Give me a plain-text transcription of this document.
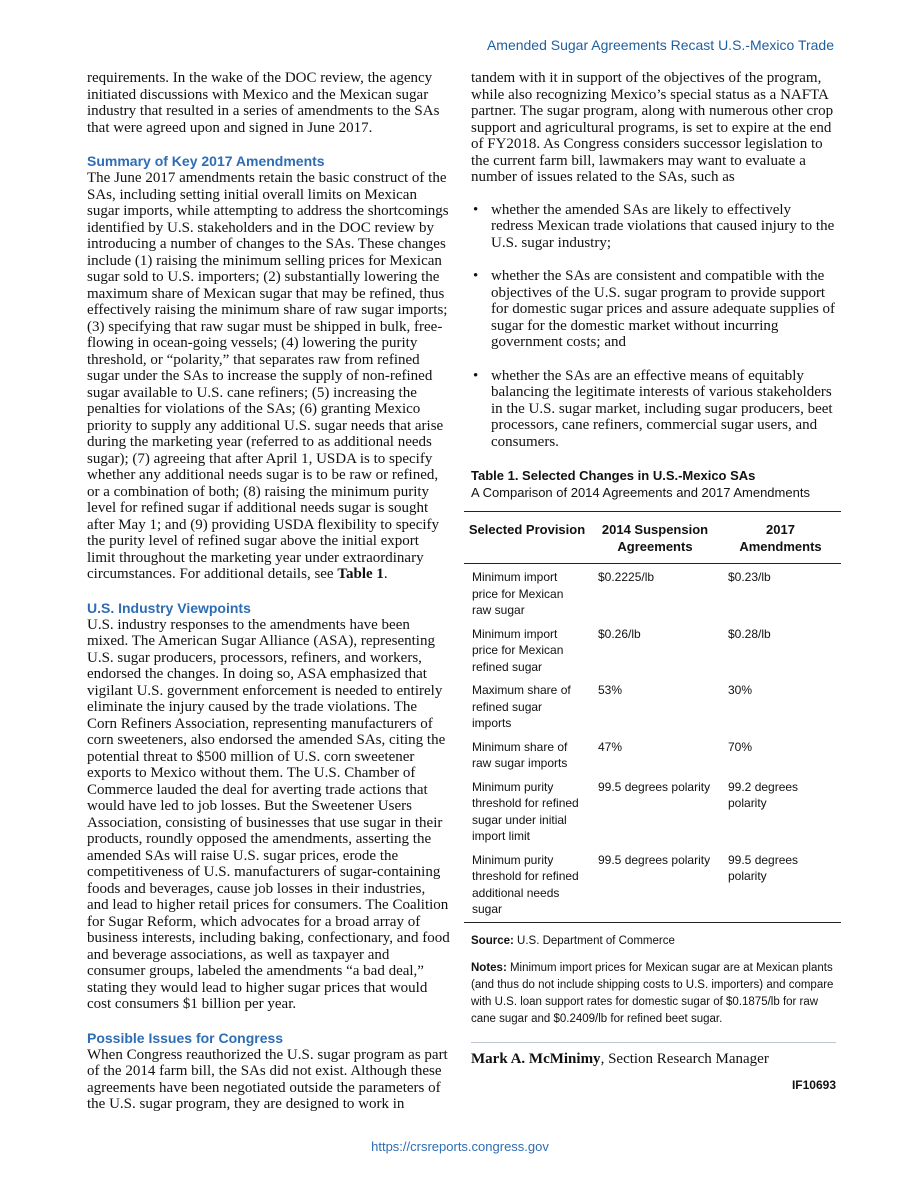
Amended Sugar Agreements Recast U.S.-Mexico Trade

requirements. In the wake of the DOC review, the agency initiated discussions with Mexico and the Mexican sugar industry that resulted in a series of amendments to the SAs that were agreed upon and signed in June 2017.

Summary of Key 2017 Amendments

The June 2017 amendments retain the basic construct of the SAs, including setting initial overall limits on Mexican sugar imports, while attempting to address the shortcomings identified by U.S. stakeholders and in the DOC review by introducing a number of changes to the SAs. These changes include (1) raising the minimum selling prices for Mexican sugar sold to U.S. importers; (2) substantially lowering the maximum share of Mexican sugar that may be refined, thus effectively raising the minimum share of raw sugar imports; (3) specifying that raw sugar must be shipped in bulk, free-flowing in ocean-going vessels; (4) lowering the purity threshold, or “polarity,” that separates raw from refined sugar under the SAs to increase the supply of non-refined sugar available to U.S. cane refiners; (5) increasing the penalties for violations of the SAs; (6) granting Mexico priority to supply any additional U.S. sugar needs that arise during the marketing year (referred to as additional needs sugar); (7) agreeing that after April 1, USDA is to specify whether any additional needs sugar is to be raw or refined, or a combination of both; (8) raising the minimum purity level for refined sugar if additional needs sugar is sought after May 1; and (9) providing USDA flexibility to specify the purity level of refined sugar above the initial export limit throughout the marketing year under extraordinary circumstances. For additional details, see Table 1.

U.S. Industry Viewpoints

U.S. industry responses to the amendments have been mixed. The American Sugar Alliance (ASA), representing U.S. sugar producers, processors, refiners, and workers, endorsed the changes. In doing so, ASA emphasized that vigilant U.S. government enforcement is needed to entirely eliminate the injury caused by the trade violations. The Corn Refiners Association, representing manufacturers of corn sweeteners, also endorsed the amended SAs, citing the potential threat to $500 million of U.S. corn sweetener exports to Mexico without them. The U.S. Chamber of Commerce lauded the deal for averting trade actions that would have led to job losses. But the Sweetener Users Association, consisting of businesses that use sugar in their products, roundly opposed the amendments, asserting the amended SAs will raise U.S. sugar prices, erode the competitiveness of U.S. manufacturers of sugar-containing foods and beverages, cause job losses in their industries, and lead to higher retail prices for consumers. The Coalition for Sugar Reform, which advocates for a broad array of business interests, including baking, confectionary, and food and beverage associations, as well as taxpayer and consumer groups, labeled the amendments “a bad deal,” stating they would lead to higher sugar prices that would cost consumers $1 billion per year.

Possible Issues for Congress

When Congress reauthorized the U.S. sugar program as part of the 2014 farm bill, the SAs did not exist. Although these agreements have been negotiated outside the parameters of the U.S. sugar program, they are designed to work in

tandem with it in support of the objectives of the program, while also recognizing Mexico’s special status as a NAFTA partner. The sugar program, along with numerous other crop support and agricultural programs, is set to expire at the end of FY2018. As Congress considers successor legislation to the current farm bill, lawmakers may want to evaluate a number of issues related to the SAs, such as

• whether the amended SAs are likely to effectively redress Mexican trade violations that caused injury to the U.S. sugar industry;
• whether the SAs are consistent and compatible with the objectives of the U.S. sugar program to provide support for domestic sugar prices and assure adequate supplies of sugar for the domestic market without incurring government costs; and
• whether the SAs are an effective means of equitably balancing the legitimate interests of various stakeholders in the U.S. sugar market, including sugar producers, beet processors, cane refiners, commercial sugar users, and consumers.
Table 1. Selected Changes in U.S.-Mexico SAs
A Comparison of 2014 Agreements and 2017 Amendments
Selected Provision	2014 Suspension Agreements	2017 Amendments
Minimum import price for Mexican raw sugar	$0.2225/lb	$0.23/lb
Minimum import price for Mexican refined sugar	$0.26/lb	$0.28/lb
Maximum share of refined sugar imports	53%	30%
Minimum share of raw sugar imports	47%	70%
Minimum purity threshold for refined sugar under initial import limit	99.5 degrees polarity	99.2 degrees polarity
Minimum purity threshold for refined additional needs sugar	99.5 degrees polarity	99.5 degrees polarity
Source: U.S. Department of Commerce
Notes: Minimum import prices for Mexican sugar are at Mexican plants (and thus do not include shipping costs to U.S. importers) and compare with U.S. loan support rates for domestic sugar of $0.1875/lb for raw cane sugar and $0.2409/lb for refined beet sugar.
Mark A. McMinimy, Section Research Manager
IF10693
https://crsreports.congress.gov
